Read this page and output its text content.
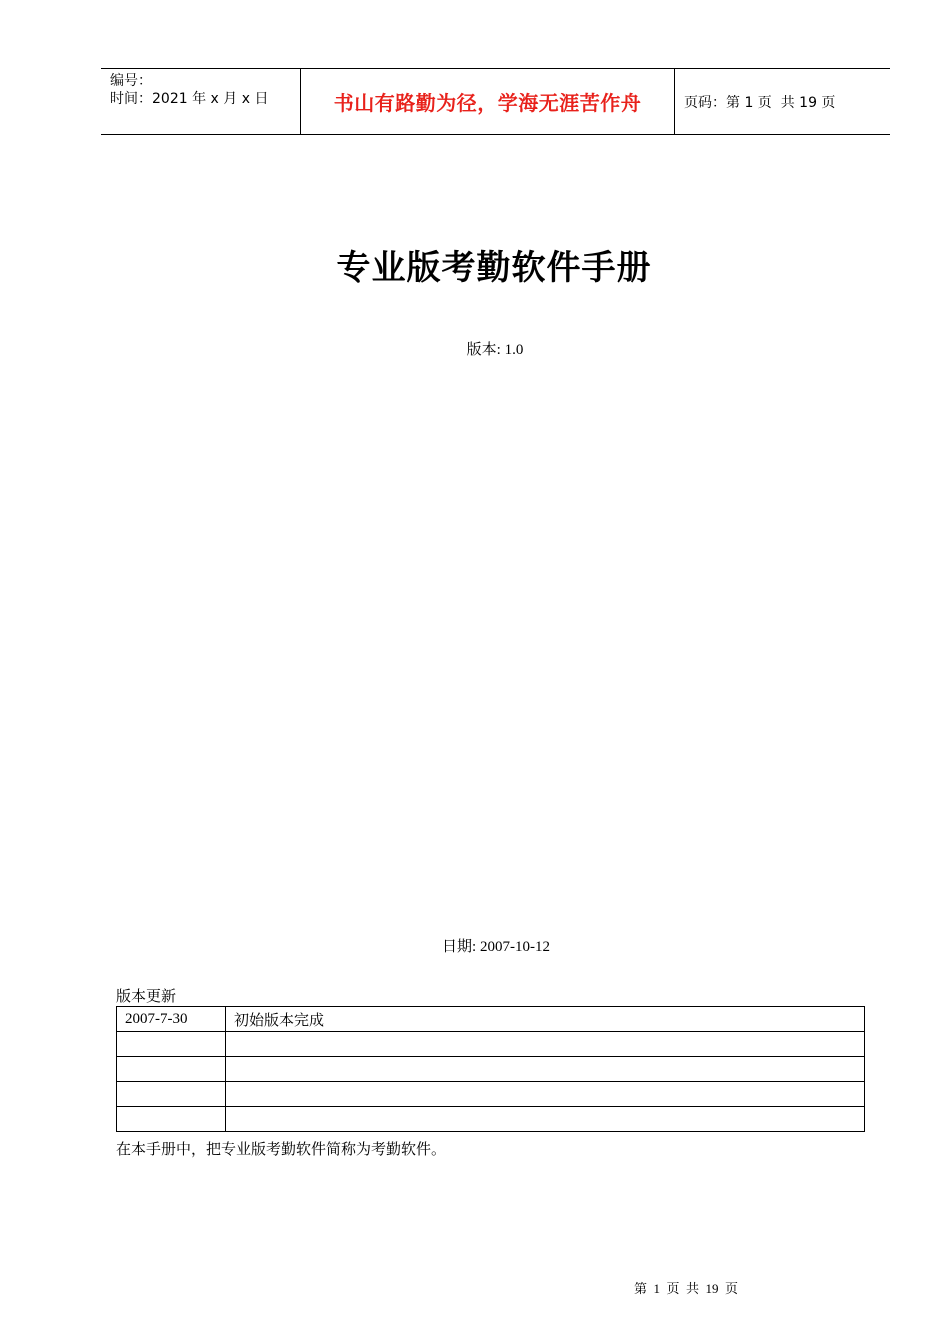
编号：
时间：2021 年 x 月 x 日	书山有路勤为径，学海无涯苦作舟	页码：第 1 页  共 19 页
专业版考勤软件手册
版本: 1.0
日期: 2007-10-12
版本更新
2007-7-30	初始版本完成

在本手册中，把专业版考勤软件简称为考勤软件。
第  1  页  共  19  页
